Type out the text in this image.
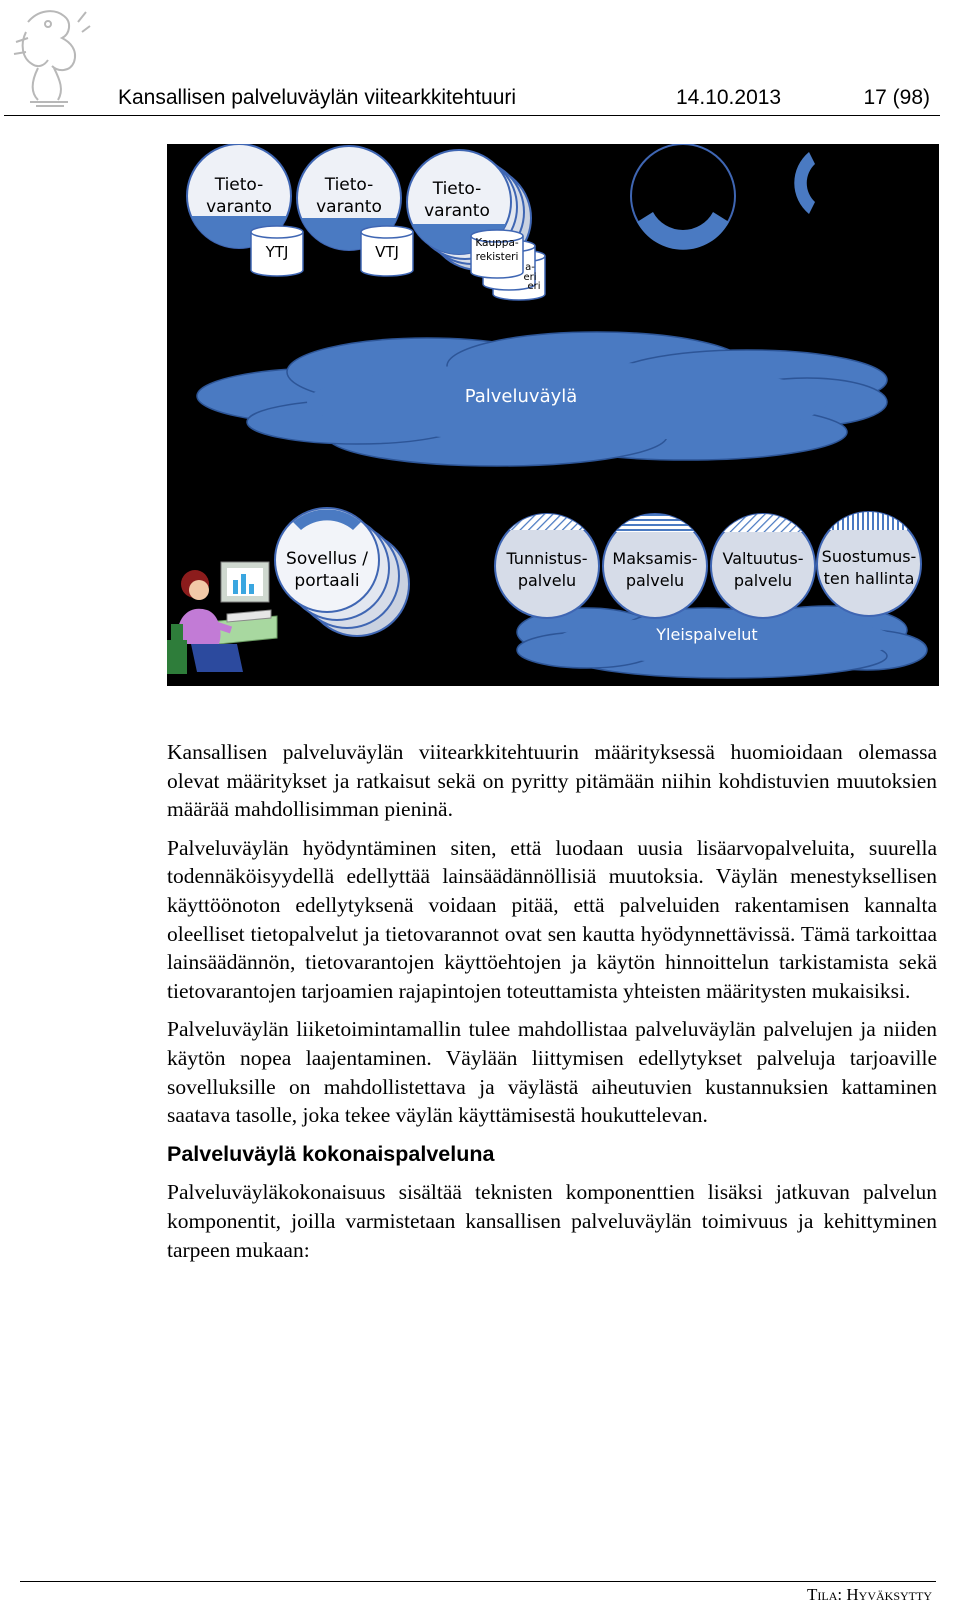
Kansallisen palveluväylän viitearkkitehtuuri	14.10.2013	17 (98)
Tieto-
varanto
YTJ
Tieto-
varanto
VTJ
Tieto-
varanto
a-
eri
eri
Kauppa-
rekisteri
Palveluväylä
Yleispalvelut
Sovellus /
portaali
Tunnistus-
palvelu
Maksamis-
palvelu
Valtuutus-
palvelu
Suostumus-
ten hallinta

Kansallisen palveluväylän viitearkkitehtuurin määrityksessä huomioidaan olemassa olevat määritykset ja ratkaisut sekä on pyritty pitämään niihin kohdistuvien muutoksien määrää mahdollisimman pieninä.

Palveluväylän hyödyntäminen siten, että luodaan uusia lisäarvopalveluita, suurella todennäköisyydellä edellyttää lainsäädännöllisiä muutoksia. Väylän menestyksellisen käyttöönoton edellytyksenä voidaan pitää, että palveluiden rakentamisen kannalta oleelliset tietopalvelut ja tietovarannot ovat sen kautta hyödynnettävissä. Tämä tarkoittaa lainsäädännön, tietovarantojen käyttöehtojen ja käytön hinnoittelun tarkistamista sekä tietovarantojen tarjoamien rajapintojen toteuttamista yhteisten määritysten mukaisiksi.

Palveluväylän liiketoimintamallin tulee mahdollistaa palveluväylän palvelujen ja niiden käytön nopea laajentaminen. Väylään liittymisen edellytykset palveluja tarjoaville sovelluksille on mahdollistettava ja väylästä aiheutuvien kustannuksien kattaminen saatava tasolle, joka tekee väylän käyttämisestä houkuttelevan.

Palveluväylä kokonaispalveluna

Palveluväyläkokonaisuus sisältää teknisten komponenttien lisäksi jatkuvan palvelun komponentit, joilla varmistetaan kansallisen palveluväylän toimivuus ja kehittyminen tarpeen mukaan:

Tila: Hyväksytty
